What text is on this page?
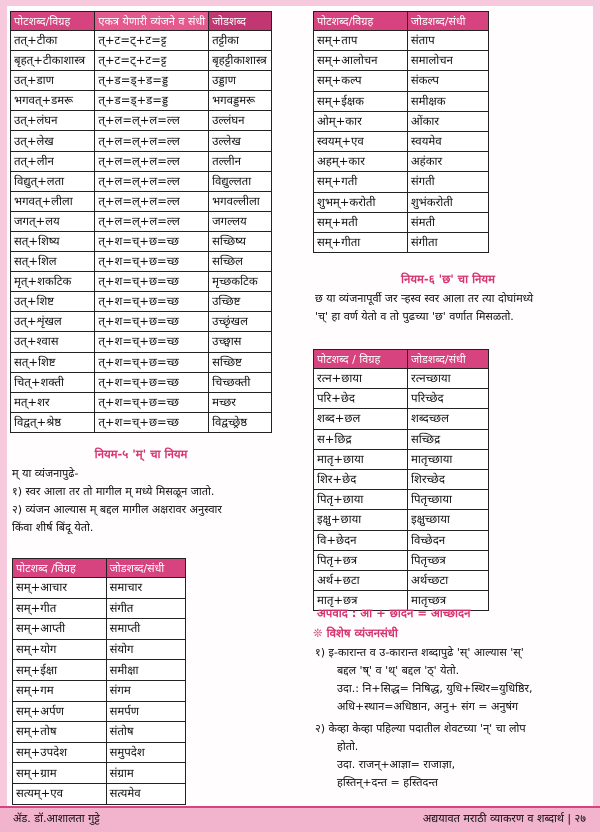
पोटशब्द/विग्रह	एकत्र येणारी व्यंजने व संधी	जोडशब्द
तत्+टीका	त्+ट=ट्+ट=ट्ट	तट्टीका
बृहत्+टीकाशास्त्र	त्+ट=ट्+ट=ट्ट	बृहट्टीकाशास्त्र
उत्+डाण	त्+ड=ड्+ड=ड्ड	उड्डाण
भगवत्+डमरू	त्+ड=ड्+ड=ड्ड	भगवड्डमरू
उत्+लंघन	त्+ल=ल्+ल=ल्ल	उल्लंघन
उत्+लेख	त्+ल=ल्+ल=ल्ल	उल्लेख
तत्+लीन	त्+ल=ल्+ल=ल्ल	तल्लीन
विद्युत्+लता	त्+ल=ल्+ल=ल्ल	विद्युल्लता
भगवत्+लीला	त्+ल=ल्+ल=ल्ल	भगवल्लीला
जगत्+लय	त्+ल=ल्+ल=ल्ल	जगल्लय
सत्+शिष्य	त्+श=च्+छ=च्छ	सच्छिष्य
सत्+शिल	त्+श=च्+छ=च्छ	सच्छिल
मृत्+शकटिक	त्+श=च्+छ=च्छ	मृच्छकटिक
उत्+शिष्ट	त्+श=च्+छ=च्छ	उच्छिष्ट
उत्+शृंखल	त्+श=च्+छ=च्छ	उच्छृंखल
उत्+श्वास	त्+श=च्+छ=च्छ	उच्छ्वास
सत्+शिष्ट	त्+श=च्+छ=च्छ	सच्छिष्ट
चित्+शक्ती	त्+श=च्+छ=च्छ	चिच्छक्ती
मत्+शर	त्+श=च्+छ=च्छ	मच्छर
विद्वत्+श्रेष्ठ	त्+श=च्+छ=च्छ	विद्वच्छ्रेष्ठ
पोटशब्द/विग्रह	जोडशब्द/संधी
सम्+ताप	संताप
सम्+आलोचन	समालोचन
सम्+कल्प	संकल्प
सम्+ईक्षक	समीक्षक
ओम्+कार	ओंकार
स्वयम्+एव	स्वयमेव
अहम्+कार	अहंकार
सम्+गती	संगती
शुभम्+करोती	शुभंकरोती
सम्+मती	संमती
सम्+गीता	संगीता
नियम-६ 'छ' चा नियम
छ या व्यंजनापूर्वी जर ऱ्हस्व स्वर आला तर त्या दोघांमध्ये
'च्' हा वर्ण येतो व तो पुढच्या 'छ' वर्णात मिसळतो.
पोटशब्द / विग्रह	जोडशब्द/संधी
रत्न+छाया	रत्नच्छाया
परि+छेद	परिच्छेद
शब्द+छल	शब्दच्छल
स+छिद्र	सच्छिद्र
मातृ+छाया	मातृच्छाया
शिर+छेद	शिरच्छेद
पितृ+छाया	पितृच्छाया
इक्षु+छाया	इक्षुच्छाया
वि+छेदन	विच्छेदन
पितृ+छत्र	पितृच्छत्र
अर्थ+छटा	अर्थच्छटा
मातृ+छत्र	मातृच्छत्र
अपवाद : आ + छादन = आच्छादन
❊ विशेष व्यंजनसंधी
१) इ-कारान्त व उ-कारान्त शब्दापुढे 'स्' आल्यास 'स्'
बद्दल 'ष्' व 'थ्' बद्दल 'ठ्' येतो.
उदा.: नि+सिद्ध= निषिद्ध, युधि+स्थिर=युधिष्ठिर,
अधि+स्थान=अधिष्ठान, अनु+ संग = अनुषंग
२) केव्हा केव्हा पहिल्या पदातील शेवटच्या 'न्' चा लोप
होतो.
उदा. राजन्+आज्ञा= राजाज्ञा,
हस्तिन्+दन्त = हस्तिदन्त
नियम-५ 'म्' चा नियम
म् या व्यंजनापुढे-
१) स्वर आला तर तो मागील म् मध्ये मिसळून जातो.
२) व्यंजन आल्यास म् बद्दल मागील अक्षरावर अनुस्वार
किंवा शीर्ष बिंदू येतो.
पोटशब्द /विग्रह	जोडशब्द/संधी
सम्+आचार	समाचार
सम्+गीत	संगीत
सम्+आप्ती	समाप्ती
सम्+योग	संयोग
सम्+ईक्षा	समीक्षा
सम्+गम	संगम
सम्+अर्पण	समर्पण
सम्+तोष	संतोष
सम्+उपदेश	समुपदेश
सम्+ग्राम	संग्राम
सत्यम्+एव	सत्यमेव
ॲड. डॉ.आशालता गुट्टे	अद्ययावत मराठी व्याकरण व शब्दार्थ | २७
